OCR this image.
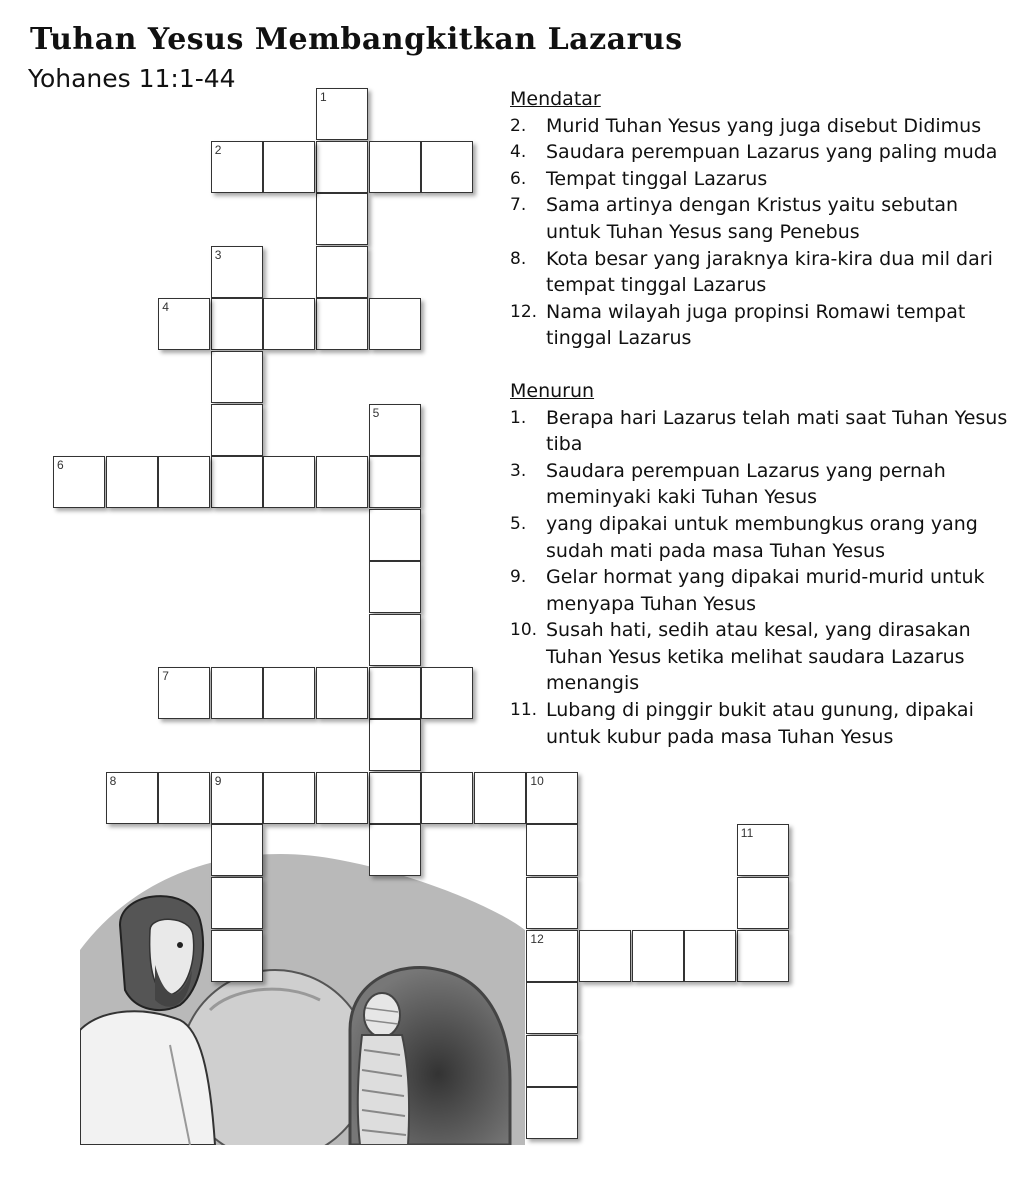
Tuhan Yesus Membangkitkan Lazarus
Yohanes 11:1-44
1
2
3
4
5
6
7
8	9	10
12
11
Mendatar
2.	Murid Tuhan Yesus yang juga disebut Didimus
4.	Saudara perempuan Lazarus yang paling muda
6.	Tempat tinggal Lazarus
7.	Sama artinya dengan Kristus yaitu sebutan untuk Tuhan Yesus sang Penebus
8.	Kota besar yang jaraknya kira-kira dua mil dari tempat tinggal Lazarus
12. Nama wilayah juga propinsi Romawi tempat tinggal Lazarus
Menurun
1.	Berapa hari Lazarus telah mati saat Tuhan Yesus tiba
3.	Saudara perempuan Lazarus yang pernah meminyaki kaki Tuhan Yesus
5.	yang dipakai untuk membungkus orang yang sudah mati pada masa Tuhan Yesus
9.	Gelar hormat yang dipakai murid-murid untuk menyapa Tuhan Yesus
10. Susah hati, sedih atau kesal, yang dirasakan Tuhan Yesus ketika melihat saudara Lazarus menangis
11. Lubang di pinggir bukit atau gunung, dipakai untuk kubur pada masa Tuhan Yesus
